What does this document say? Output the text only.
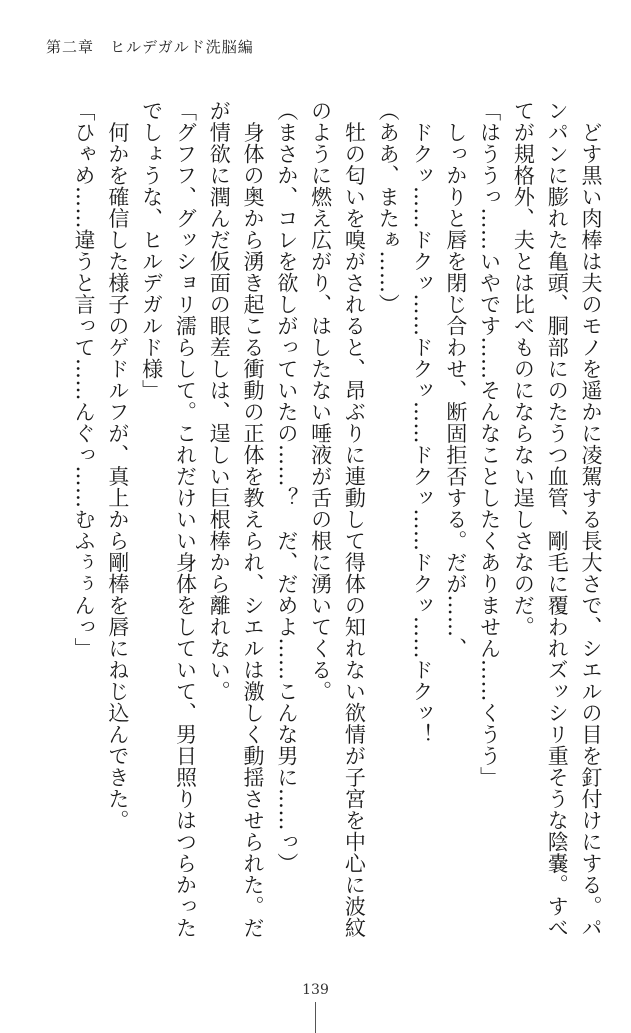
第二章　ヒルデガルド洗脳編

　どす黒い肉棒は夫のモノを遥かに凌駕する長大さで、シエルの目を釘付けにする。パンパンに膨れた亀頭、胴部にのたうつ血管、剛毛に覆われズッシリ重そうな陰嚢。すべてが規格外、夫とは比べものにならない逞しさなのだ。

「はううっ……いやです……そんなことしたくありません……くうう」

　しっかりと唇を閉じ合わせ、断固拒否する。だが……、

　ドクッ……ドクッ……ドクッ……ドクッ……ドクッ……ドクッ！

（ああ、またぁ……）

　牡の匂いを嗅がされると、昂ぶりに連動して得体の知れない欲情が子宮を中心に波紋のように燃え広がり、はしたない唾液が舌の根に湧いてくる。

（まさか、コレを欲しがっていたの……？　だ、だめよ……こんな男に……っ）

　身体の奥から湧き起こる衝動の正体を教えられ、シエルは激しく動揺させられた。だが情欲に潤んだ仮面の眼差しは、逞しい巨根棒から離れない。

「グフフ、グッショリ濡らして。これだけいい身体をしていて、男日照りはつらかったでしょうな、ヒルデガルド様」

　何かを確信した様子のゲドルフが、真上から剛棒を唇にねじ込んできた。

「ひゃめ……違うと言って……んぐっ……むふぅぅんっ」

139
